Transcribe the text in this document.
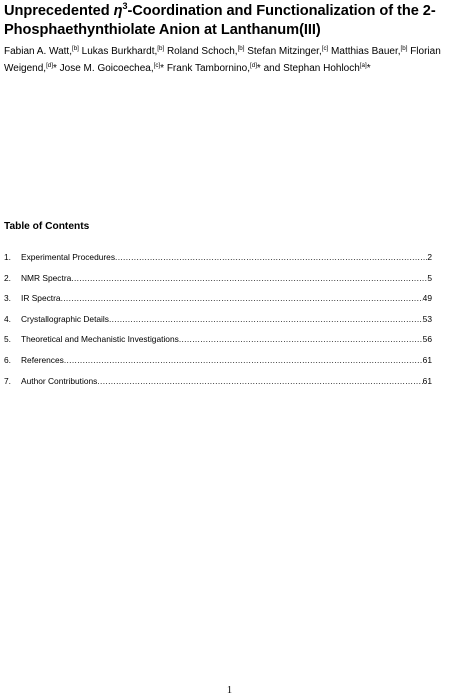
Unprecedented $\eta^3$-Coordination and Functionalization of the 2-Phosphaethynthiolate Anion at Lanthanum(III)

Fabian A. Watt,[b] Lukas Burkhardt,[b] Roland Schoch,[b] Stefan Mitzinger,[c] Matthias Bauer,[b] Florian Weigend,[d]* Jose M. Goicoechea,[c]* Frank Tambornino,[d]* and Stephan Hohloch[a]*

Table of Contents
1.	Experimental Procedures .....	2
2.	NMR Spectra .....	5
3.	IR Spectra .....	49
4.	Crystallographic Details .....	53
5.	Theoretical and Mechanistic Investigations .....	56
6.	References .....	61
7.	Author Contributions .....	61

1
